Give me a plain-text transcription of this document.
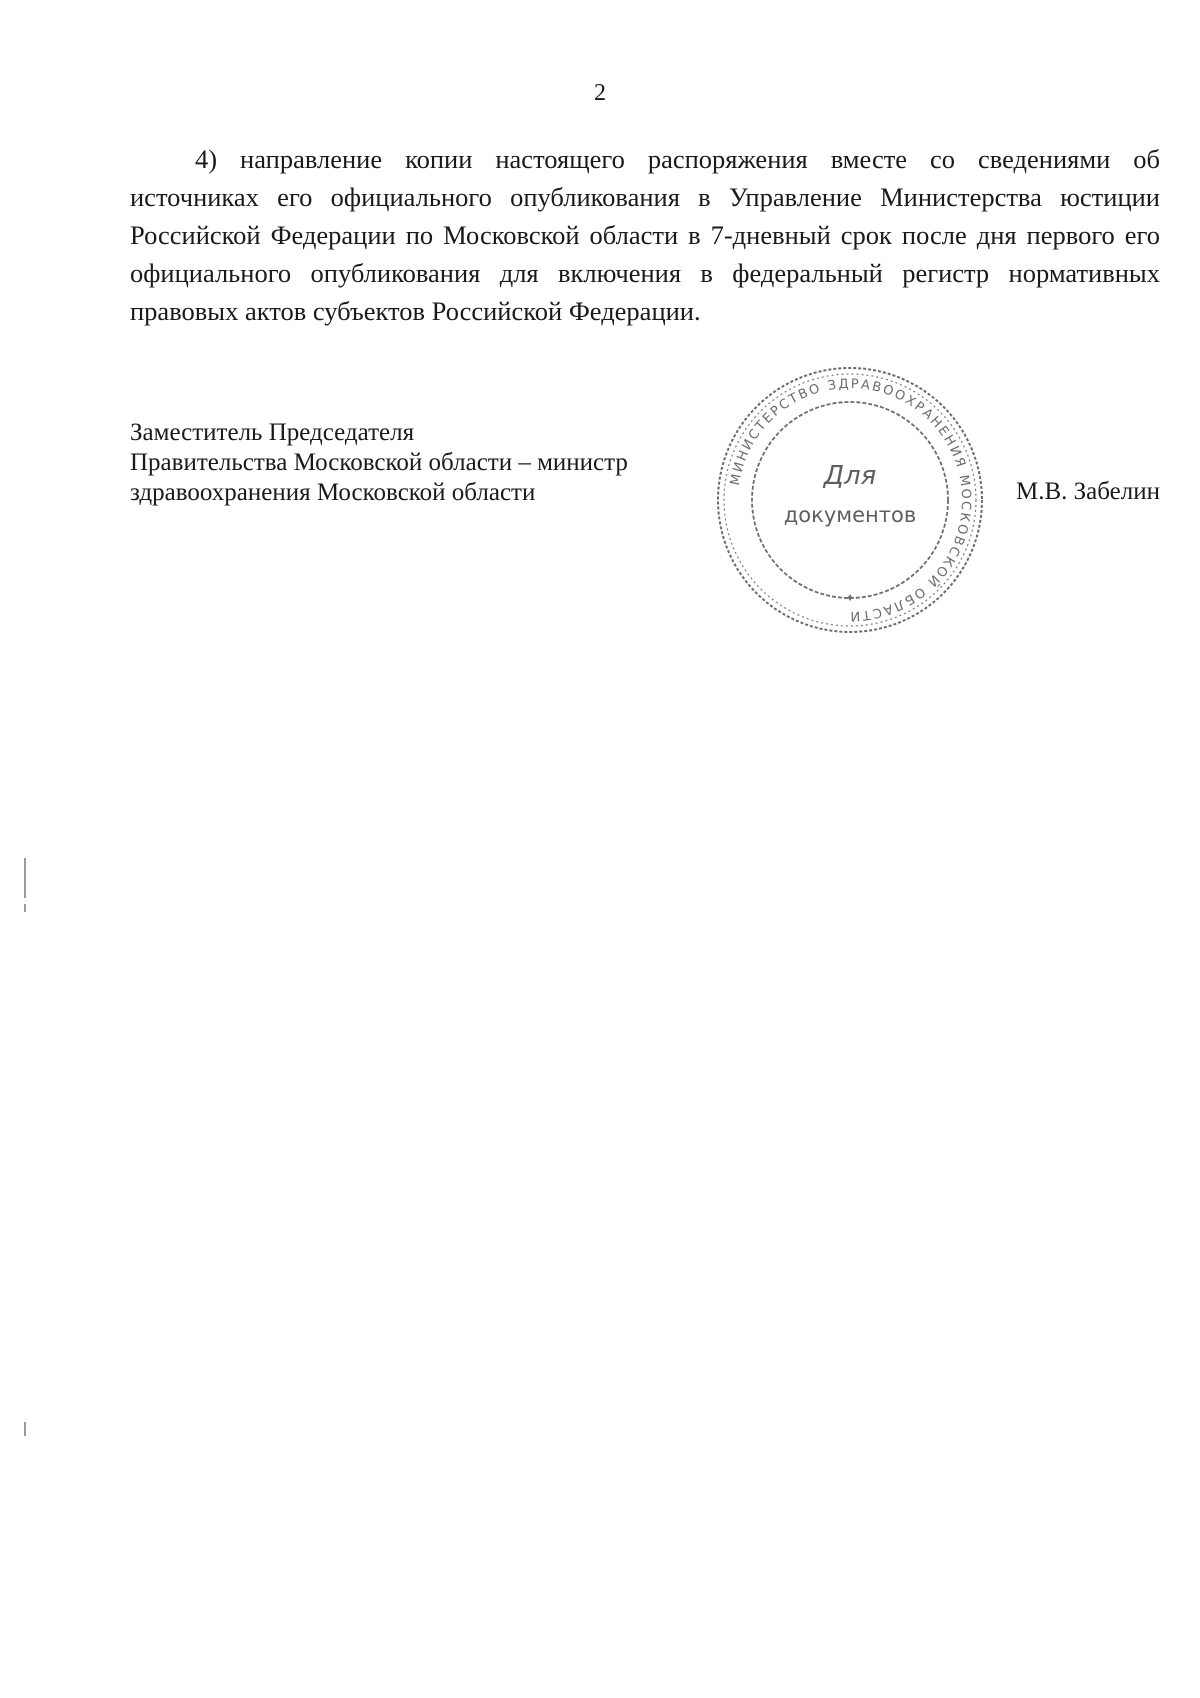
2

4) направление копии настоящего распоряжения вместе со сведениями об источниках его официального опубликования в Управление Министерства юстиции Российской Федерации по Московской области в 7-дневный срок после дня первого его официального опубликования для включения в федеральный регистр нормативных правовых актов субъектов Российской Федерации.

Заместитель Председателя
Правительства Московской области – министр
здравоохранения Московской области
МИНИСТЕРСТВО ЗДРАВООХРАНЕНИЯ МОСКОВСКОЙ ОБЛАСТИ
Для
документов
✦
М.В. Забелин
